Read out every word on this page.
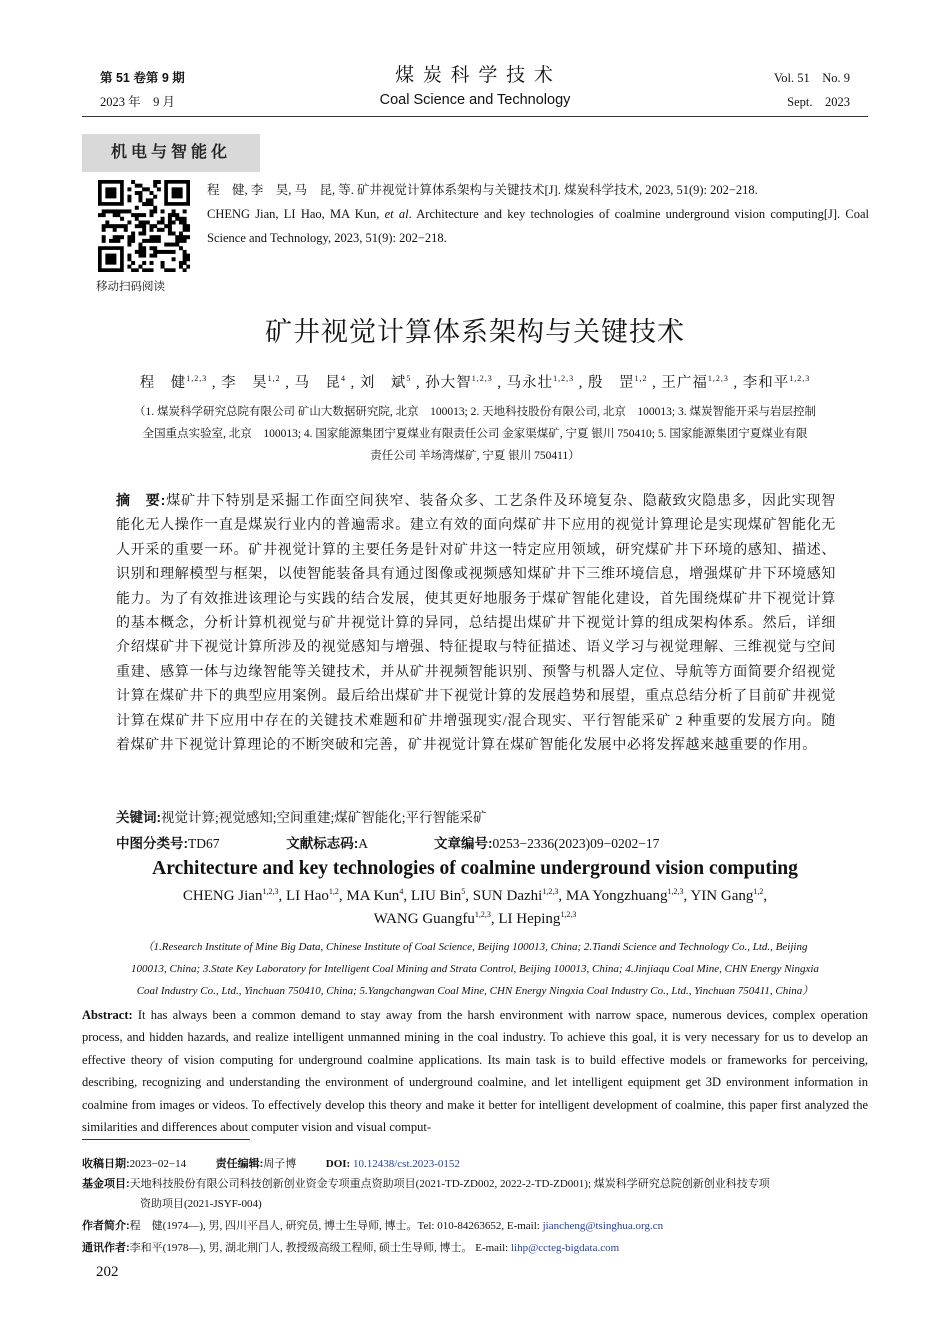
第 51 卷第 9 期
2023 年　9 月
煤 炭 科 学 技 术
Coal Science and Technology
Vol. 51　No. 9
Sept.　2023
机电与智能化
移动扫码阅读
程　健, 李　昊, 马　昆, 等. 矿井视觉计算体系架构与关键技术[J]. 煤炭科学技术, 2023, 51(9): 202−218.
CHENG Jian, LI Hao, MA Kun, et al. Architecture and key technologies of coalmine underground vision computing[J]. Coal Science and Technology, 2023, 51(9): 202−218.
矿井视觉计算体系架构与关键技术
程　健$^{1,2,3}$ , 李　昊$^{1,2}$ , 马　昆$^4$ , 刘　斌$^5$ , 孙大智$^{1,2,3}$ , 马永壮$^{1,2,3}$ , 殷　罡$^{1,2}$ , 王广福$^{1,2,3}$ , 李和平$^{1,2,3}$
（1. 煤炭科学研究总院有限公司 矿山大数据研究院, 北京　100013; 2. 天地科技股份有限公司, 北京　100013; 3. 煤炭智能开采与岩层控制
全国重点实验室, 北京　100013; 4. 国家能源集团宁夏煤业有限责任公司 金家渠煤矿, 宁夏 银川 750410; 5. 国家能源集团宁夏煤业有限
责任公司 羊场湾煤矿, 宁夏 银川 750411）
摘　要:煤矿井下特别是采掘工作面空间狭窄、装备众多、工艺条件及环境复杂、隐蔽致灾隐患多，因此实现智能化无人操作一直是煤炭行业内的普遍需求。建立有效的面向煤矿井下应用的视觉计算理论是实现煤矿智能化无人开采的重要一环。矿井视觉计算的主要任务是针对矿井这一特定应用领域，研究煤矿井下环境的感知、描述、识别和理解模型与框架，以使智能装备具有通过图像或视频感知煤矿井下三维环境信息，增强煤矿井下环境感知能力。为了有效推进该理论与实践的结合发展，使其更好地服务于煤矿智能化建设，首先围绕煤矿井下视觉计算的基本概念，分析计算机视觉与矿井视觉计算的异同，总结提出煤矿井下视觉计算的组成架构体系。然后，详细介绍煤矿井下视觉计算所涉及的视觉感知与增强、特征提取与特征描述、语义学习与视觉理解、三维视觉与空间重建、感算一体与边缘智能等关键技术，并从矿井视频智能识别、预警与机器人定位、导航等方面简要介绍视觉计算在煤矿井下的典型应用案例。最后给出煤矿井下视觉计算的发展趋势和展望，重点总结分析了目前矿井视觉计算在煤矿井下应用中存在的关键技术难题和矿井增强现实/混合现实、平行智能采矿 2 种重要的发展方向。随着煤矿井下视觉计算理论的不断突破和完善，矿井视觉计算在煤矿智能化发展中必将发挥越来越重要的作用。
关键词:视觉计算;视觉感知;空间重建;煤矿智能化;平行智能采矿
中图分类号:TD67	文献标志码:A	文章编号:0253−2336(2023)09−0202−17
Architecture and key technologies of coalmine underground vision computing
CHENG Jian$^{1,2,3}$, LI Hao$^{1,2}$, MA Kun$^4$, LIU Bin$^5$, SUN Dazhi$^{1,2,3}$, MA Yongzhuang$^{1,2,3}$, YIN Gang$^{1,2}$,
WANG Guangfu$^{1,2,3}$, LI Heping$^{1,2,3}$
（1.Research Institute of Mine Big Data, Chinese Institute of Coal Science, Beijing 100013, China; 2.Tiandi Science and Technology Co., Ltd., Beijing
100013, China; 3.State Key Laboratory for Intelligent Coal Mining and Strata Control, Beijing 100013, China; 4.Jinjiaqu Coal Mine, CHN Energy Ningxia
Coal Industry Co., Ltd., Yinchuan 750410, China; 5.Yangchangwan Coal Mine, CHN Energy Ningxia Coal Industry Co., Ltd., Yinchuan 750411, China）
Abstract: It has always been a common demand to stay away from the harsh environment with narrow space, numerous devices, complex operation process, and hidden hazards, and realize intelligent unmanned mining in the coal industry. To achieve this goal, it is very necessary for us to develop an effective theory of vision computing for underground coalmine applications. Its main task is to build effective models or frameworks for perceiving, describing, recognizing and understanding the environment of underground coalmine, and let intelligent equipment get 3D environment information in coalmine from images or videos. To effectively develop this theory and make it better for intelligent development of coalmine, this paper first analyzed the similarities and differences about computer vision and visual comput-
收稿日期:2023−02−14	责任编辑:周子博	DOI: 10.12438/cst.2023-0152
基金项目:天地科技股份有限公司科技创新创业资金专项重点资助项目(2021-TD-ZD002, 2022-2-TD-ZD001); 煤炭科学研究总院创新创业科技专项
资助项目(2021-JSYF-004)
作者简介:程　健(1974—), 男, 四川平昌人, 研究员, 博士生导师, 博士。Tel: 010-84263652, E-mail: jiancheng@tsinghua.org.cn
通讯作者:李和平(1978—), 男, 湖北荆门人, 教授级高级工程师, 硕士生导师, 博士。 E-mail: lihp@ccteg-bigdata.com
202
